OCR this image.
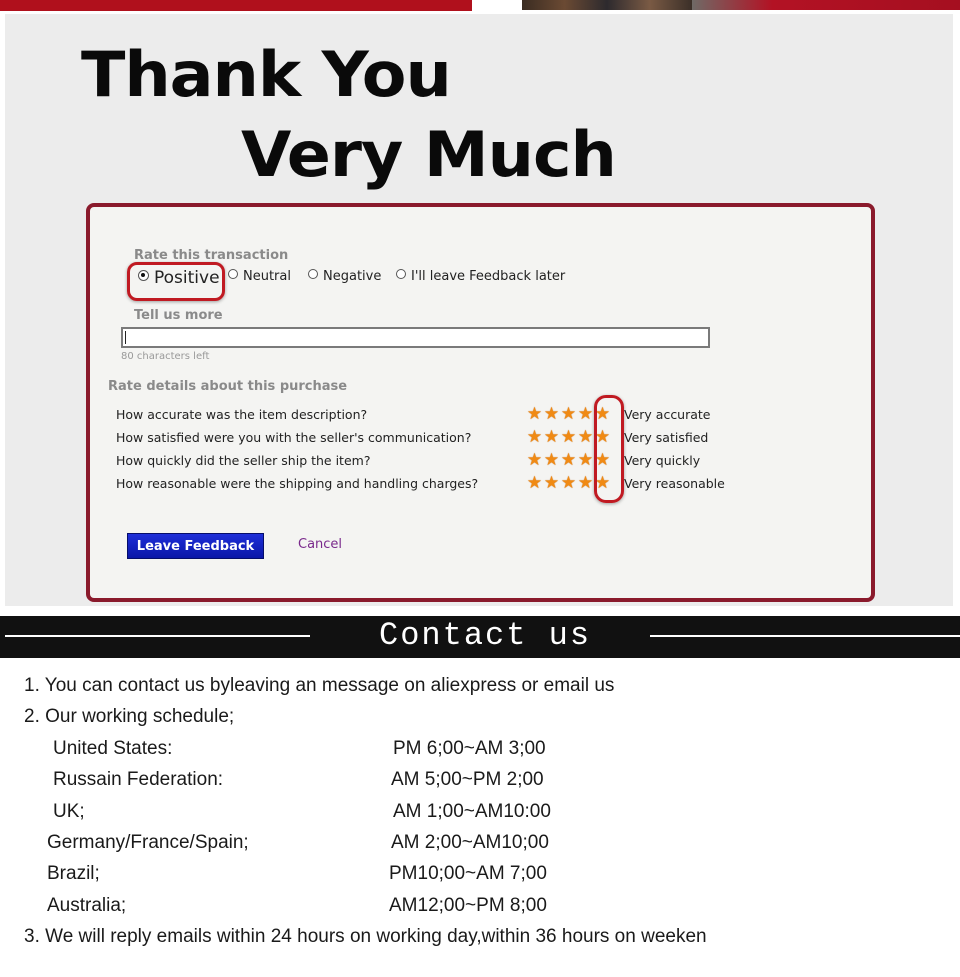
Thank You
Very Much
Rate this transaction
Positive Neutral Negative I'll leave Feedback later
Tell us more
80 characters left
Rate details about this purchase
How accurate was the item description?	★ ★ ★ ★ ★ Very accurate
How satisfied were you with the seller's communication?	★ ★ ★ ★ ★ Very satisfied
How quickly did the seller ship the item?	★ ★ ★ ★ ★ Very quickly
How reasonable were the shipping and handling charges?	★ ★ ★ ★ ★ Very reasonable
Leave Feedback	Cancel
Contact us
1. You can contact us byleaving an message on aliexpress or email us
2. Our working schedule;
United States:	PM 6;00~AM 3;00
Russain Federation:	AM 5;00~PM 2;00
UK;	AM 1;00~AM10:00
Germany/France/Spain;	AM 2;00~AM10;00
Brazil;	PM10;00~AM 7;00
Australia;	AM12;00~PM 8;00
3. We will reply emails within 24 hours on working day,within 36 hours on weeken
